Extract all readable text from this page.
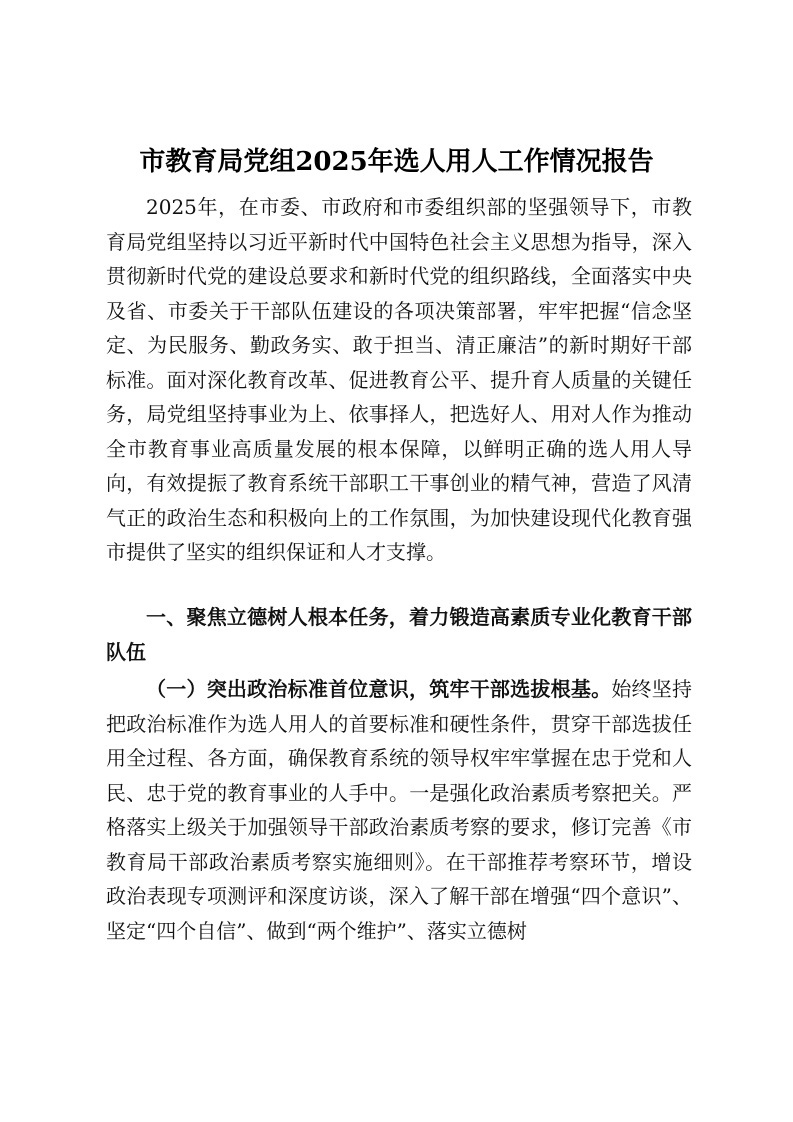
市教育局党组2025年选人用人工作情况报告

2025年，在市委、市政府和市委组织部的坚强领导下，市教育局党组坚持以习近平新时代中国特色社会主义思想为指导，深入贯彻新时代党的建设总要求和新时代党的组织路线，全面落实中央及省、市委关于干部队伍建设的各项决策部署，牢牢把握“信念坚定、为民服务、勤政务实、敢于担当、清正廉洁”的新时期好干部标准。面对深化教育改革、促进教育公平、提升育人质量的关键任务，局党组坚持事业为上、依事择人，把选好人、用对人作为推动全市教育事业高质量发展的根本保障，以鲜明正确的选人用人导向，有效提振了教育系统干部职工干事创业的精气神，营造了风清气正的政治生态和积极向上的工作氛围，为加快建设现代化教育强市提供了坚实的组织保证和人才支撑。

一、聚焦立德树人根本任务，着力锻造高素质专业化教育干部队伍

（一）突出政治标准首位意识，筑牢干部选拔根基。始终坚持把政治标准作为选人用人的首要标准和硬性条件，贯穿干部选拔任用全过程、各方面，确保教育系统的领导权牢牢掌握在忠于党和人民、忠于党的教育事业的人手中。一是强化政治素质考察把关。严格落实上级关于加强领导干部政治素质考察的要求，修订完善《市教育局干部政治素质考察实施细则》。在干部推荐考察环节，增设政治表现专项测评和深度访谈，深入了解干部在增强“四个意识”、坚定“四个自信”、做到“两个维护”、落实立德树
